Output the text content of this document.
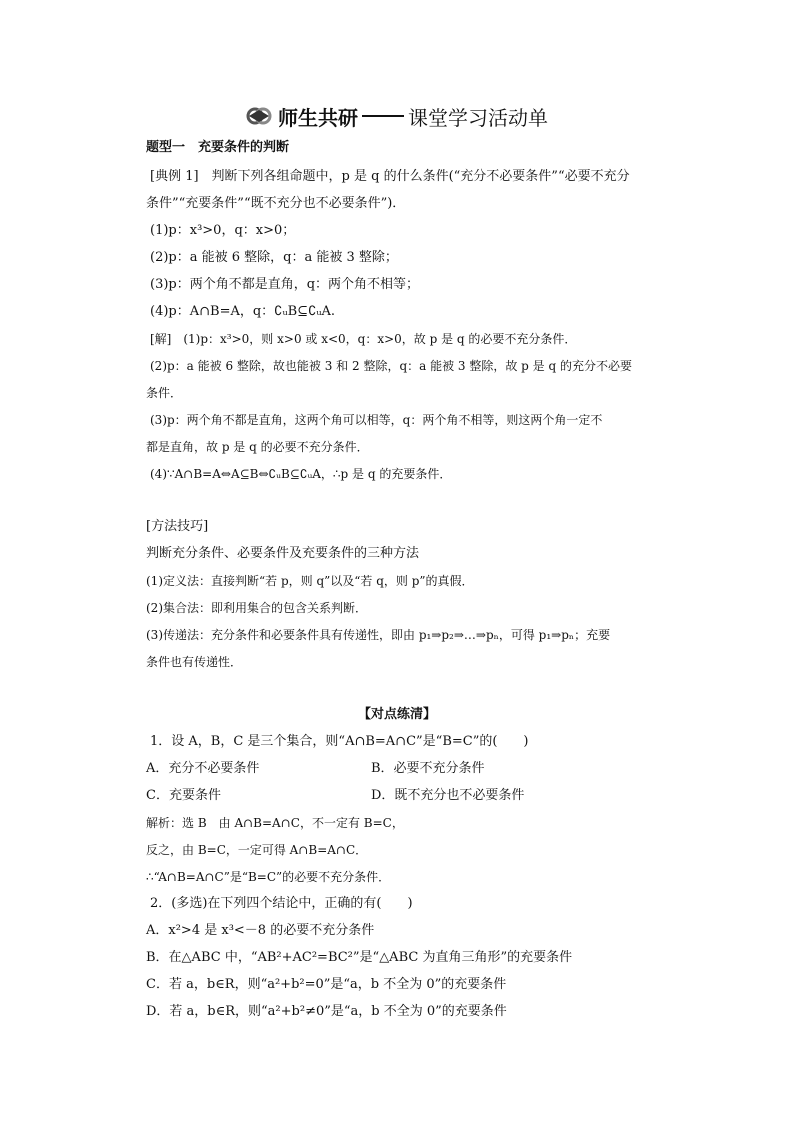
师生共研	课堂学习活动单
题型一　充要条件的判断
[典例 1]　判断下列各组命题中，p 是 q 的什么条件(“充分不必要条件”“必要不充分
条件”“充要条件”“既不充分也不必要条件”)．
(1)p：x³>0，q：x>0；
(2)p：a 能被 6 整除，q：a 能被 3 整除；
(3)p：两个角不都是直角，q：两个角不相等；
(4)p：A∩B=A，q：∁ᵤB⊆∁ᵤA.
[解]　(1)p：x³>0，则 x>0 或 x<0，q：x>0，故 p 是 q 的必要不充分条件．
(2)p：a 能被 6 整除，故也能被 3 和 2 整除，q：a 能被 3 整除，故 p 是 q 的充分不必要
条件．
(3)p：两个角不都是直角，这两个角可以相等，q：两个角不相等，则这两个角一定不
都是直角，故 p 是 q 的必要不充分条件．
(4)∵A∩B=A⇔A⊆B⇔∁ᵤB⊆∁ᵤA，∴p 是 q 的充要条件．
[方法技巧]
判断充分条件、必要条件及充要条件的三种方法
(1)定义法：直接判断“若 p，则 q”以及“若 q，则 p”的真假．
(2)集合法：即利用集合的包含关系判断．
(3)传递法：充分条件和必要条件具有传递性，即由 p₁⇒p₂⇒…⇒pₙ，可得 p₁⇒pₙ；充要
条件也有传递性．
【对点练清】
1．设 A，B，C 是三个集合，则“A∩B=A∩C”是“B=C”的(　　)
A．充分不必要条件	B．必要不充分条件
C．充要条件	D．既不充分也不必要条件
解析：选 B　由 A∩B=A∩C，不一定有 B=C，
反之，由 B=C，一定可得 A∩B=A∩C．
∴“A∩B=A∩C”是“B=C”的必要不充分条件．
2．(多选)在下列四个结论中，正确的有(　　)
A．x²>4 是 x³<－8 的必要不充分条件
B．在△ABC 中，“AB²+AC²=BC²”是“△ABC 为直角三角形”的充要条件
C．若 a，b∈R，则“a²+b²=0”是“a，b 不全为 0”的充要条件
D．若 a，b∈R，则“a²+b²≠0”是“a，b 不全为 0”的充要条件
